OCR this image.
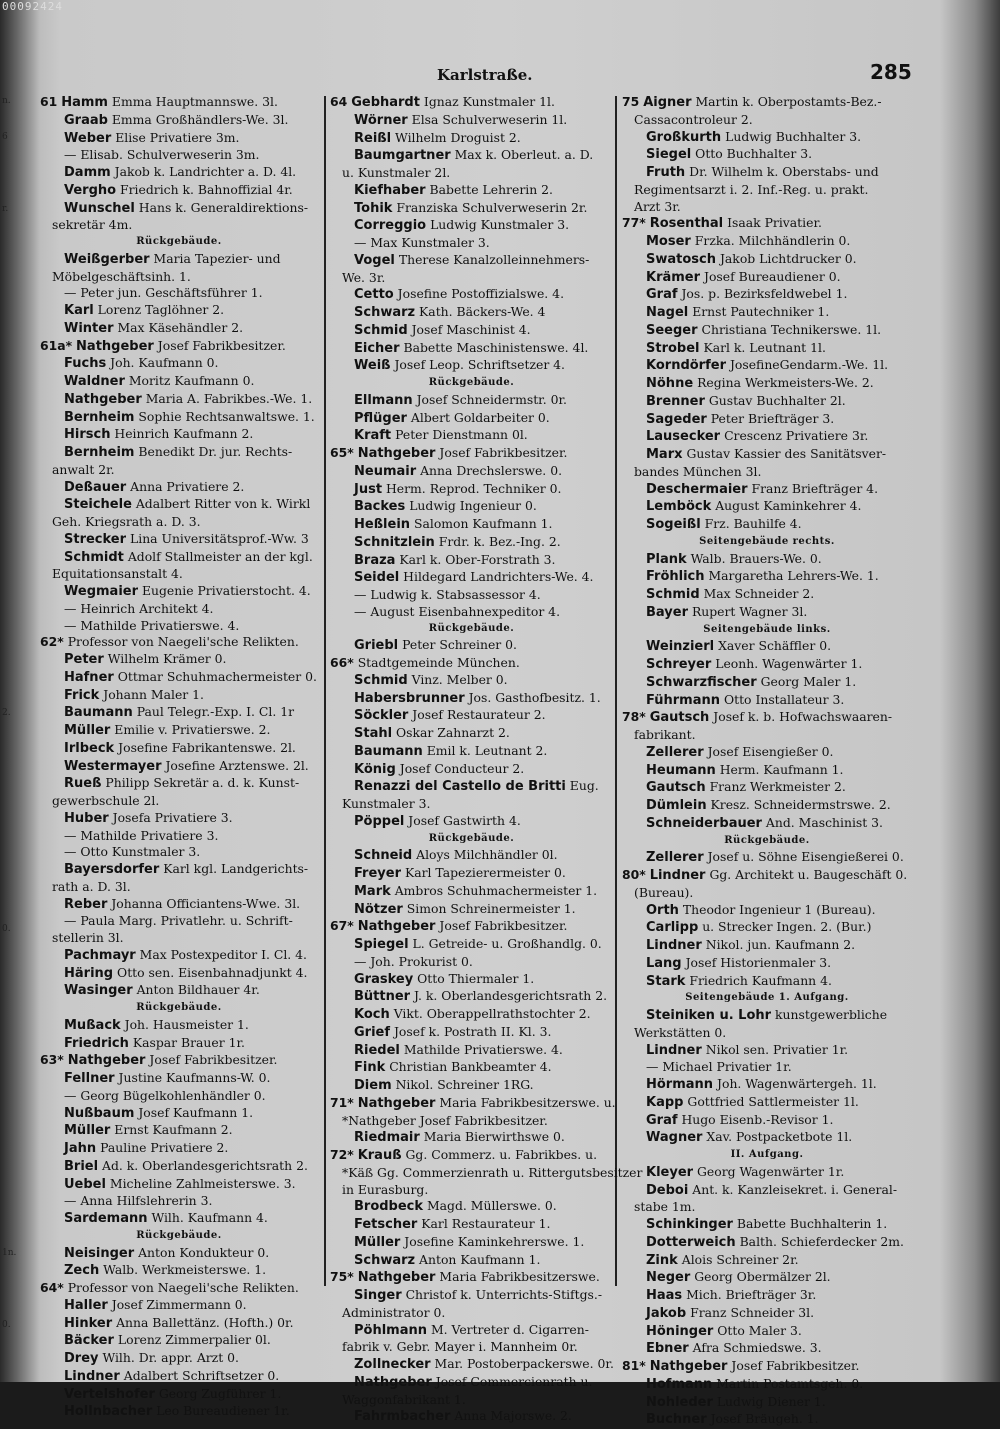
00092424
n.
6
r.
2.
0.
1n.
0.
Karlstraße.	285
61 Hamm Emma Hauptmannswe. 3l.
Graab Emma Großhändlers-We. 3l.
Weber Elise Privatiere 3m.
— Elisab. Schulverweserin 3m.
Damm Jakob k. Landrichter a. D. 4l.
Vergho Friedrich k. Bahnoffizial 4r.
Wunschel Hans k. Generaldirektions-
sekretär 4m.
Rückgebäude.
Weißgerber Maria Tapezier- und
Möbelgeschäftsinh. 1.
— Peter jun. Geschäftsführer 1.
Karl Lorenz Taglöhner 2.
Winter Max Käsehändler 2.
61a* Nathgeber Josef Fabrikbesitzer.
Fuchs Joh. Kaufmann 0.
Waldner Moritz Kaufmann 0.
Nathgeber Maria A. Fabrikbes.-We. 1.
Bernheim Sophie Rechtsanwaltswe. 1.
Hirsch Heinrich Kaufmann 2.
Bernheim Benedikt Dr. jur. Rechts-
anwalt 2r.
Deßauer Anna Privatiere 2.
Steichele Adalbert Ritter von k. Wirkl
Geh. Kriegsrath a. D. 3.
Strecker Lina Universitätsprof.-Ww. 3
Schmidt Adolf Stallmeister an der kgl.
Equitationsanstalt 4.
Wegmaier Eugenie Privatierstocht. 4.
— Heinrich Architekt 4.
— Mathilde Privatierswe. 4.
62* Professor von Naegeli'sche Relikten.
Peter Wilhelm Krämer 0.
Hafner Ottmar Schuhmachermeister 0.
Frick Johann Maler 1.
Baumann Paul Telegr.-Exp. I. Cl. 1r
Müller Emilie v. Privatierswe. 2.
Irlbeck Josefine Fabrikantenswe. 2l.
Westermayer Josefine Arztenswe. 2l.
Rueß Philipp Sekretär a. d. k. Kunst-
gewerbschule 2l.
Huber Josefa Privatiere 3.
— Mathilde Privatiere 3.
— Otto Kunstmaler 3.
Bayersdorfer Karl kgl. Landgerichts-
rath a. D. 3l.
Reber Johanna Officiantens-Wwe. 3l.
— Paula Marg. Privatlehr. u. Schrift-
stellerin 3l.
Pachmayr Max Postexpeditor I. Cl. 4.
Häring Otto sen. Eisenbahnadjunkt 4.
Wasinger Anton Bildhauer 4r.
Rückgebäude.
Mußack Joh. Hausmeister 1.
Friedrich Kaspar Brauer 1r.
63* Nathgeber Josef Fabrikbesitzer.
Fellner Justine Kaufmanns-W. 0.
— Georg Bügelkohlenhändler 0.
Nußbaum Josef Kaufmann 1.
Müller Ernst Kaufmann 2.
Jahn Pauline Privatiere 2.
Briel Ad. k. Oberlandesgerichtsrath 2.
Uebel Micheline Zahlmeisterswe. 3.
— Anna Hilfslehrerin 3.
Sardemann Wilh. Kaufmann 4.
Rückgebäude.
Neisinger Anton Kondukteur 0.
Zech Walb. Werkmeisterswe. 1.
64* Professor von Naegeli'sche Relikten.
Haller Josef Zimmermann 0.
Hinker Anna Ballettänz. (Hofth.) 0r.
Bäcker Lorenz Zimmerpalier 0l.
Drey Wilh. Dr. appr. Arzt 0.
Lindner Adalbert Schriftsetzer 0.
Vertelshofer Georg Zugführer 1.
Hollnbacher Leo Bureaudiener 1r.
64 Gebhardt Ignaz Kunstmaler 1l.
Wörner Elsa Schulverweserin 1l.
Reißl Wilhelm Droguist 2.
Baumgartner Max k. Oberleut. a. D.
u. Kunstmaler 2l.
Kiefhaber Babette Lehrerin 2.
Tohik Franziska Schulverweserin 2r.
Correggio Ludwig Kunstmaler 3.
— Max Kunstmaler 3.
Vogel Therese Kanalzolleinnehmers-
We. 3r.
Cetto Josefine Postoffizialswe. 4.
Schwarz Kath. Bäckers-We. 4
Schmid Josef Maschinist 4.
Eicher Babette Maschinistenswe. 4l.
Weiß Josef Leop. Schriftsetzer 4.
Rückgebäude.
Ellmann Josef Schneidermstr. 0r.
Pflüger Albert Goldarbeiter 0.
Kraft Peter Dienstmann 0l.
65* Nathgeber Josef Fabrikbesitzer.
Neumair Anna Drechslerswe. 0.
Just Herm. Reprod. Techniker 0.
Backes Ludwig Ingenieur 0.
Heßlein Salomon Kaufmann 1.
Schnitzlein Frdr. k. Bez.-Ing. 2.
Braza Karl k. Ober-Forstrath 3.
Seidel Hildegard Landrichters-We. 4.
— Ludwig k. Stabsassessor 4.
— August Eisenbahnexpeditor 4.
Rückgebäude.
Griebl Peter Schreiner 0.
66* Stadtgemeinde München.
Schmid Vinz. Melber 0.
Habersbrunner Jos. Gasthofbesitz. 1.
Söckler Josef Restaurateur 2.
Stahl Oskar Zahnarzt 2.
Baumann Emil k. Leutnant 2.
König Josef Conducteur 2.
Renazzi del Castello de Britti Eug.
Kunstmaler 3.
Pöppel Josef Gastwirth 4.
Rückgebäude.
Schneid Aloys Milchhändler 0l.
Freyer Karl Tapezierermeister 0.
Mark Ambros Schuhmachermeister 1.
Nötzer Simon Schreinermeister 1.
67* Nathgeber Josef Fabrikbesitzer.
Spiegel L. Getreide- u. Großhandlg. 0.
— Joh. Prokurist 0.
Graskey Otto Thiermaler 1.
Büttner J. k. Oberlandesgerichtsrath 2.
Koch Vikt. Oberappellrathstochter 2.
Grief Josef k. Postrath II. Kl. 3.
Riedel Mathilde Privatierswe. 4.
Fink Christian Bankbeamter 4.
Diem Nikol. Schreiner 1RG.
71* Nathgeber Maria Fabrikbesitzerswe. u.
*Nathgeber Josef Fabrikbesitzer.
Riedmair Maria Bierwirthswe 0.
72* Krauß Gg. Commerz. u. Fabrikbes. u.
*Käß Gg. Commerzienrath u. Rittergutsbesitzer
in Eurasburg.
Brodbeck Magd. Müllerswe. 0.
Fetscher Karl Restaurateur 1.
Müller Josefine Kaminkehrerswe. 1.
Schwarz Anton Kaufmann 1.
75* Nathgeber Maria Fabrikbesitzerswe.
Singer Christof k. Unterrichts-Stiftgs.-
Administrator 0.
Pöhlmann M. Vertreter d. Cigarren-
fabrik v. Gebr. Mayer i. Mannheim 0r.
Zollnecker Mar. Postoberpackerswe. 0r.
Nathgeber Josef Commercienrath u.
Waggonfabrikant 1.
Fahrmbacher Anna Majorswe. 2.
75 Aigner Martin k. Oberpostamts-Bez.-
Cassacontroleur 2.
Großkurth Ludwig Buchhalter 3.
Siegel Otto Buchhalter 3.
Fruth Dr. Wilhelm k. Oberstabs- und
Regimentsarzt i. 2. Inf.-Reg. u. prakt.
Arzt 3r.
77* Rosenthal Isaak Privatier.
Moser Frzka. Milchhändlerin 0.
Swatosch Jakob Lichtdrucker 0.
Krämer Josef Bureaudiener 0.
Graf Jos. p. Bezirksfeldwebel 1.
Nagel Ernst Pautechniker 1.
Seeger Christiana Technikerswe. 1l.
Strobel Karl k. Leutnant 1l.
Korndörfer JosefineGendarm.-We. 1l.
Nöhne Regina Werkmeisters-We. 2.
Brenner Gustav Buchhalter 2l.
Sageder Peter Briefträger 3.
Lausecker Crescenz Privatiere 3r.
Marx Gustav Kassier des Sanitätsver-
bandes München 3l.
Deschermaier Franz Briefträger 4.
Lemböck August Kaminkehrer 4.
Sogeißl Frz. Bauhilfe 4.
Seitengebäude rechts.
Plank Walb. Brauers-We. 0.
Fröhlich Margaretha Lehrers-We. 1.
Schmid Max Schneider 2.
Bayer Rupert Wagner 3l.
Seitengebäude links.
Weinzierl Xaver Schäffler 0.
Schreyer Leonh. Wagenwärter 1.
Schwarzfischer Georg Maler 1.
Führmann Otto Installateur 3.
78* Gautsch Josef k. b. Hofwachswaaren-
fabrikant.
Zellerer Josef Eisengießer 0.
Heumann Herm. Kaufmann 1.
Gautsch Franz Werkmeister 2.
Dümlein Kresz. Schneidermstrswe. 2.
Schneiderbauer And. Maschinist 3.
Rückgebäude.
Zellerer Josef u. Söhne Eisengießerei 0.
80* Lindner Gg. Architekt u. Baugeschäft 0.
(Bureau).
Orth Theodor Ingenieur 1 (Bureau).
Carlipp u. Strecker Ingen. 2. (Bur.)
Lindner Nikol. jun. Kaufmann 2.
Lang Josef Historienmaler 3.
Stark Friedrich Kaufmann 4.
Seitengebäude 1. Aufgang.
Steiniken u. Lohr kunstgewerbliche
Werkstätten 0.
Lindner Nikol sen. Privatier 1r.
— Michael Privatier 1r.
Hörmann Joh. Wagenwärtergeh. 1l.
Kapp Gottfried Sattlermeister 1l.
Graf Hugo Eisenb.-Revisor 1.
Wagner Xav. Postpacketbote 1l.
II. Aufgang.
Kleyer Georg Wagenwärter 1r.
Deboi Ant. k. Kanzleisekret. i. General-
stabe 1m.
Schinkinger Babette Buchhalterin 1.
Dotterweich Balth. Schieferdecker 2m.
Zink Alois Schreiner 2r.
Neger Georg Obermälzer 2l.
Haas Mich. Briefträger 3r.
Jakob Franz Schneider 3l.
Höninger Otto Maler 3.
Ebner Afra Schmiedswe. 3.
81* Nathgeber Josef Fabrikbesitzer.
Hofmann Martin Postamtsgeh. 0.
Nohleder Ludwig Diener 1.
Buchner Josef Bräugeh. 1.
